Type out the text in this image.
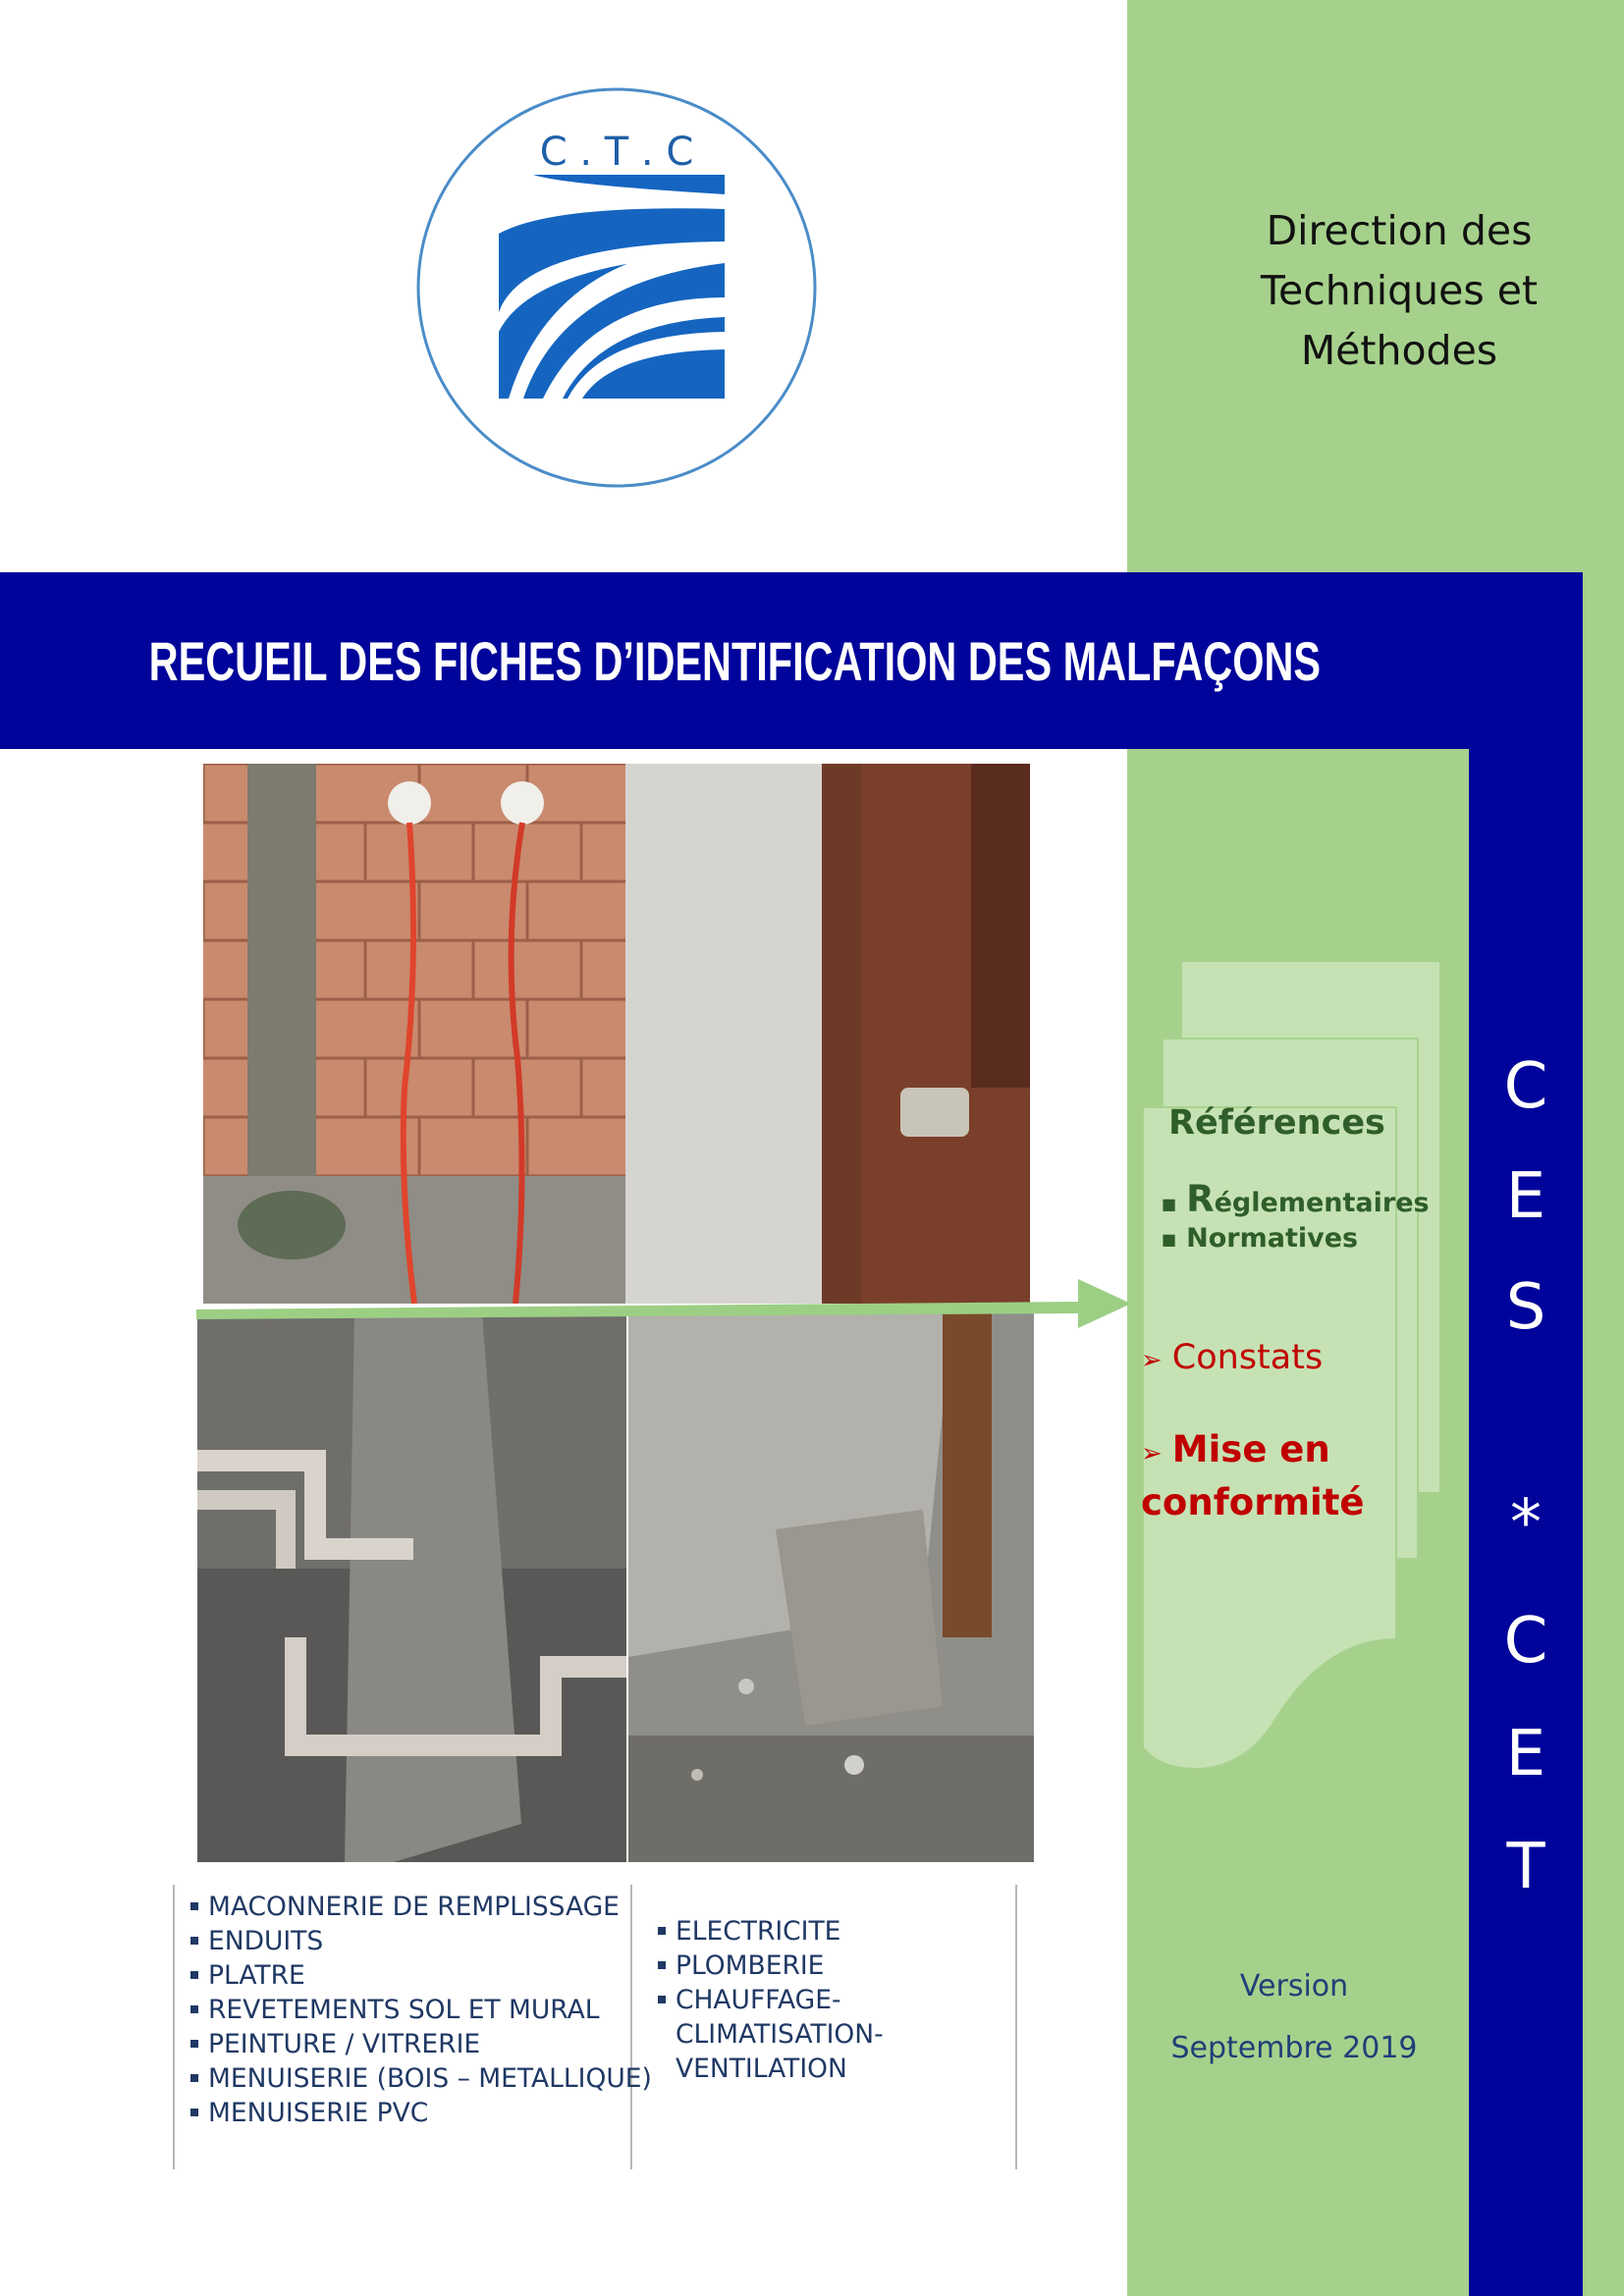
C . T . C
Direction des
Techniques et
Méthodes
RECUEIL DES FICHES D’IDENTIFICATION DES MALFAÇONS
Références
■ Réglementaires
■ Normatives
➢ Constats
➢ Mise en conformité
C
E
S
*
C
E
T
Version
Septembre 2019
MACONNERIE DE REMPLISSAGE
ENDUITS
PLATRE
REVETEMENTS SOL ET MURAL
PEINTURE / VITRERIE
MENUISERIE (BOIS – METALLIQUE)
MENUISERIE PVC
ELECTRICITE
PLOMBERIE
CHAUFFAGE-
CLIMATISATION-
VENTILATION
